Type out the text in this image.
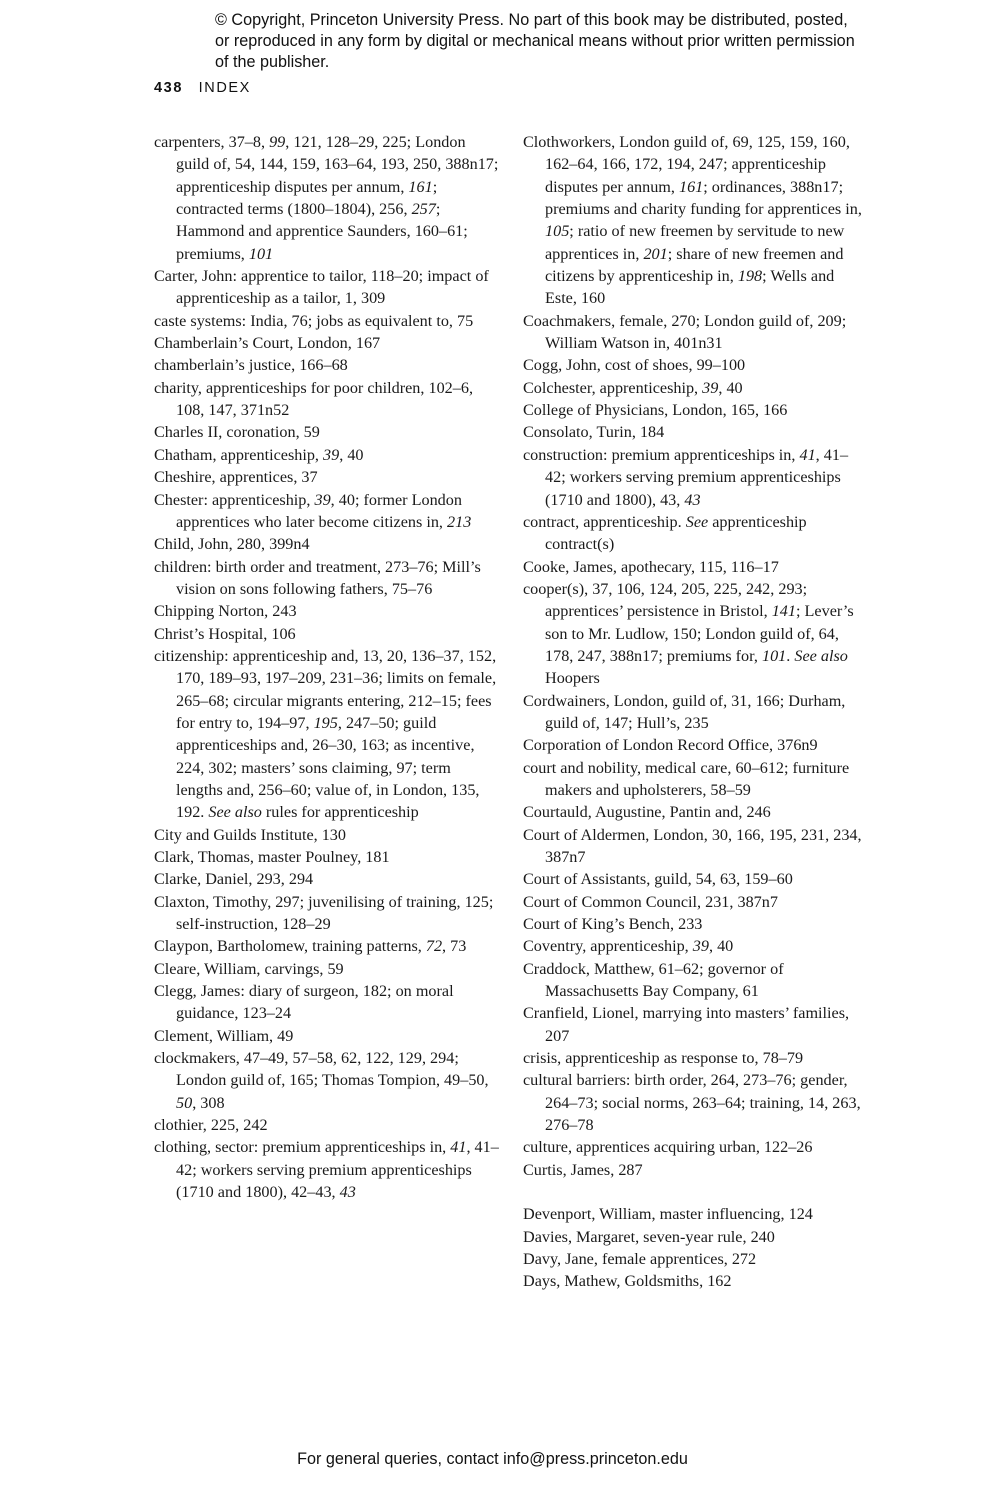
© Copyright, Princeton University Press. No part of this book may be distributed, posted, or reproduced in any form by digital or mechanical means without prior written permission of the publisher.
438 INDEX

carpenters, 37–8, 99, 121, 128–29, 225; London guild of, 54, 144, 159, 163–64, 193, 250, 388n17; apprenticeship disputes per annum, 161; contracted terms (1800–1804), 256, 257; Hammond and apprentice Saunders, 160–61; premiums, 101

Carter, John: apprentice to tailor, 118–20; impact of apprenticeship as a tailor, 1, 309

caste systems: India, 76; jobs as equivalent to, 75

Chamberlain’s Court, London, 167

chamberlain’s justice, 166–68

charity, apprenticeships for poor children, 102–6, 108, 147, 371n52

Charles II, coronation, 59

Chatham, apprenticeship, 39, 40

Cheshire, apprentices, 37

Chester: apprenticeship, 39, 40; former London apprentices who later become citizens in, 213

Child, John, 280, 399n4

children: birth order and treatment, 273–76; Mill’s vision on sons following fathers, 75–76

Chipping Norton, 243

Christ’s Hospital, 106

citizenship: apprenticeship and, 13, 20, 136–37, 152, 170, 189–93, 197–209, 231–36; limits on female, 265–68; circular migrants entering, 212–15; fees for entry to, 194–97, 195, 247–50; guild apprenticeships and, 26–30, 163; as incentive, 224, 302; masters’ sons claiming, 97; term lengths and, 256–60; value of, in London, 135, 192. See also rules for apprenticeship

City and Guilds Institute, 130

Clark, Thomas, master Poulney, 181

Clarke, Daniel, 293, 294

Claxton, Timothy, 297; juvenilising of training, 125; self-instruction, 128–29

Claypon, Bartholomew, training patterns, 72, 73

Cleare, William, carvings, 59

Clegg, James: diary of surgeon, 182; on moral guidance, 123–24

Clement, William, 49

clockmakers, 47–49, 57–58, 62, 122, 129, 294; London guild of, 165; Thomas Tompion, 49–50, 50, 308

clothier, 225, 242

clothing, sector: premium apprenticeships in, 41, 41–42; workers serving premium apprenticeships (1710 and 1800), 42–43, 43

Clothworkers, London guild of, 69, 125, 159, 160, 162–64, 166, 172, 194, 247; apprenticeship disputes per annum, 161; ordinances, 388n17; premiums and charity funding for apprentices in, 105; ratio of new freemen by servitude to new apprentices in, 201; share of new freemen and citizens by apprenticeship in, 198; Wells and Este, 160

Coachmakers, female, 270; London guild of, 209; William Watson in, 401n31

Cogg, John, cost of shoes, 99–100

Colchester, apprenticeship, 39, 40

College of Physicians, London, 165, 166

Consolato, Turin, 184

construction: premium apprenticeships in, 41, 41–42; workers serving premium apprenticeships (1710 and 1800), 43, 43

contract, apprenticeship. See apprenticeship contract(s)

Cooke, James, apothecary, 115, 116–17

cooper(s), 37, 106, 124, 205, 225, 242, 293; apprentices’ persistence in Bristol, 141; Lever’s son to Mr. Ludlow, 150; London guild of, 64, 178, 247, 388n17; premiums for, 101. See also Hoopers

Cordwainers, London, guild of, 31, 166; Durham, guild of, 147; Hull’s, 235

Corporation of London Record Office, 376n9

court and nobility, medical care, 60–612; furniture makers and upholsterers, 58–59

Courtauld, Augustine, Pantin and, 246

Court of Aldermen, London, 30, 166, 195, 231, 234, 387n7

Court of Assistants, guild, 54, 63, 159–60

Court of Common Council, 231, 387n7

Court of King’s Bench, 233

Coventry, apprenticeship, 39, 40

Craddock, Matthew, 61–62; governor of Massachusetts Bay Company, 61

Cranfield, Lionel, marrying into masters’ families, 207

crisis, apprenticeship as response to, 78–79

cultural barriers: birth order, 264, 273–76; gender, 264–73; social norms, 263–64; training, 14, 263, 276–78

culture, apprentices acquiring urban, 122–26

Curtis, James, 287

Devenport, William, master influencing, 124

Davies, Margaret, seven-year rule, 240

Davy, Jane, female apprentices, 272

Days, Mathew, Goldsmiths, 162

For general queries, contact info@press.princeton.edu
